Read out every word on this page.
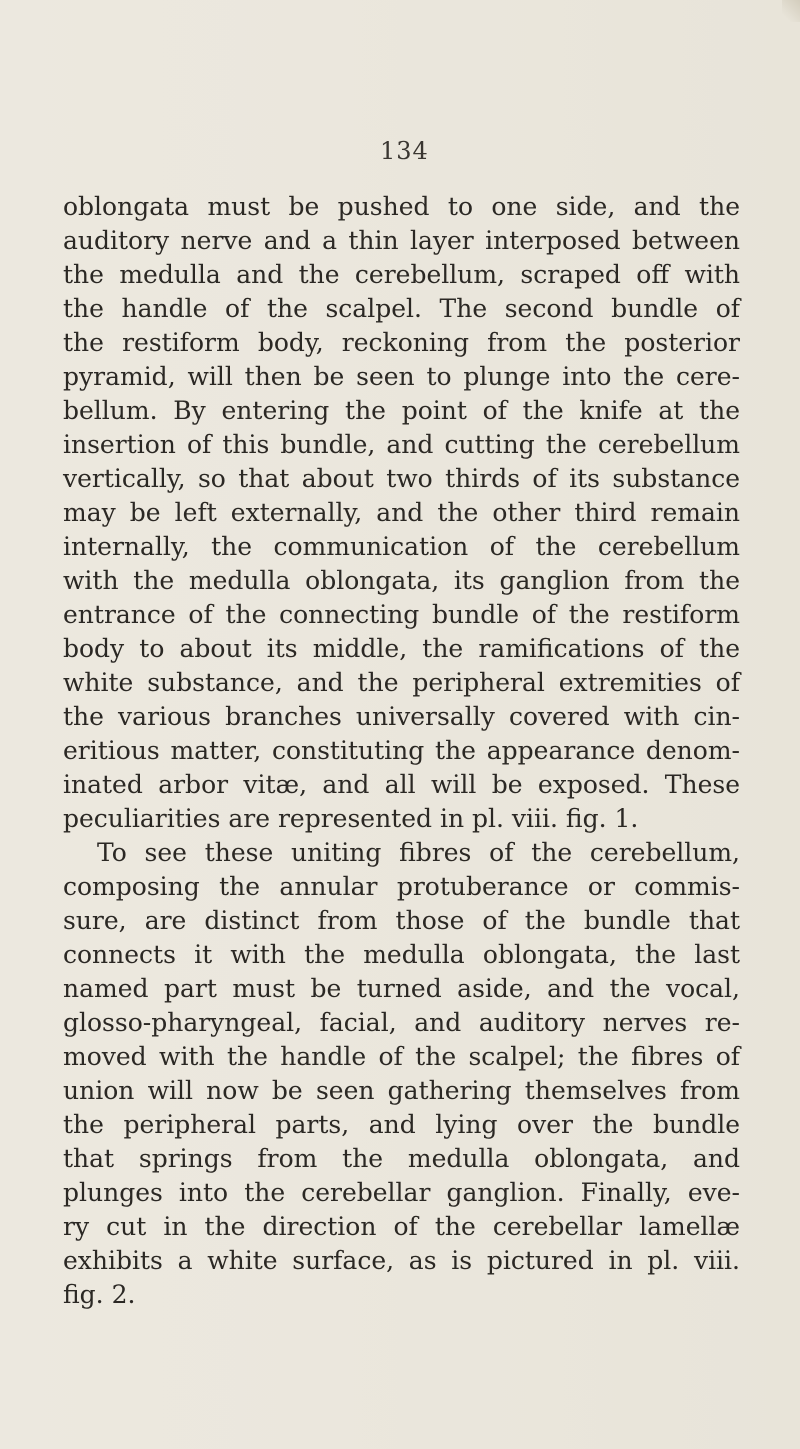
134
oblongata must be pushed to one side, and the
auditory nerve and a thin layer interposed between
the medulla and the cerebellum, scraped off with
the handle of the scalpel. The second bundle of
the restiform body, reckoning from the posterior
pyramid, will then be seen to plunge into the cere-
bellum. By entering the point of the knife at the
insertion of this bundle, and cutting the cerebellum
vertically, so that about two thirds of its substance
may be left externally, and the other third remain
internally, the communication of the cerebellum
with the medulla oblongata, its ganglion from the
entrance of the connecting bundle of the restiform
body to about its middle, the ramifications of the
white substance, and the peripheral extremities of
the various branches universally covered with cin-
eritious matter, constituting the appearance denom-
inated arbor vitæ, and all will be exposed. These
peculiarities are represented in pl. viii. fig. 1.
To see these uniting fibres of the cerebellum,
composing the annular protuberance or commis-
sure, are distinct from those of the bundle that
connects it with the medulla oblongata, the last
named part must be turned aside, and the vocal,
glosso-pharyngeal, facial, and auditory nerves re-
moved with the handle of the scalpel; the fibres of
union will now be seen gathering themselves from
the peripheral parts, and lying over the bundle
that springs from the medulla oblongata, and
plunges into the cerebellar ganglion. Finally, eve-
ry cut in the direction of the cerebellar lamellæ
exhibits a white surface, as is pictured in pl. viii.
fig. 2.
